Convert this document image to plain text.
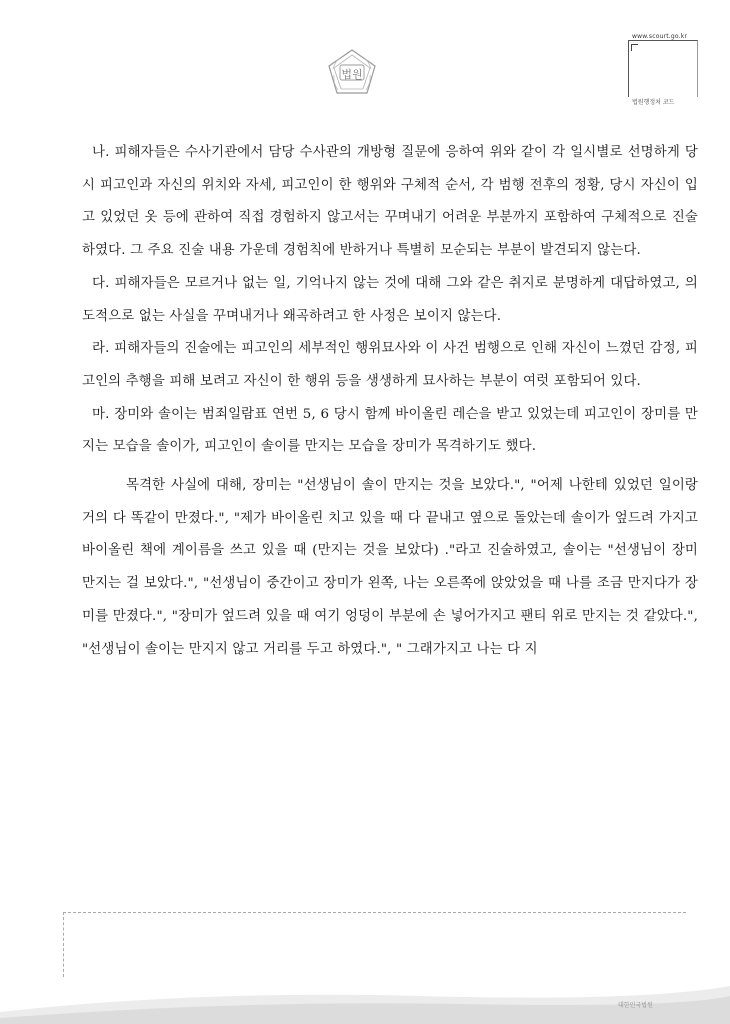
법원
www.scourt.go.kr
법원행정처 코드

나. 피해자들은 수사기관에서 담당 수사관의 개방형 질문에 응하여 위와 같이 각 일시별로 선명하게 당시 피고인과 자신의 위치와 자세, 피고인이 한 행위와 구체적 순서, 각 범행 전후의 정황, 당시 자신이 입고 있었던 옷 등에 관하여 직접 경험하지 않고서는 꾸며내기 어려운 부분까지 포함하여 구체적으로 진술하였다. 그 주요 진술 내용 가운데 경험칙에 반하거나 특별히 모순되는 부분이 발견되지 않는다.

다. 피해자들은 모르거나 없는 일, 기억나지 않는 것에 대해 그와 같은 취지로 분명하게 대답하였고, 의도적으로 없는 사실을 꾸며내거나 왜곡하려고 한 사정은 보이지 않는다.

라. 피해자들의 진술에는 피고인의 세부적인 행위묘사와 이 사건 범행으로 인해 자신이 느꼈던 감정, 피고인의 추행을 피해 보려고 자신이 한 행위 등을 생생하게 묘사하는 부분이 여럿 포함되어 있다.

마. 장미와 솔이는 범죄일람표 연번 5, 6 당시 함께 바이올린 레슨을 받고 있었는데 피고인이 장미를 만지는 모습을 솔이가, 피고인이 솔이를 만지는 모습을 장미가 목격하기도 했다.

목격한 사실에 대해, 장미는 "선생님이 솔이 만지는 것을 보았다.", "어제 나한테 있었던 일이랑 거의 다 똑같이 만졌다.", "제가 바이올린 치고 있을 때 다 끝내고 옆으로 돌았는데 솔이가 엎드려 가지고 바이올린 책에 계이름을 쓰고 있을 때 (만지는 것을 보았다) ."라고 진술하였고, 솔이는 "선생님이 장미 만지는 걸 보았다.", "선생님이 중간이고 장미가 왼쪽, 나는 오른쪽에 앉았었을 때 나를 조금 만지다가 장미를 만졌다.", "장미가 엎드려 있을 때 여기 엉덩이 부분에 손 넣어가지고 팬티 위로 만지는 것 같았다.", "선생님이 솔이는 만지지 않고 거리를 두고 하였다.", " 그래가지고 나는 다 지

대한민국법원
